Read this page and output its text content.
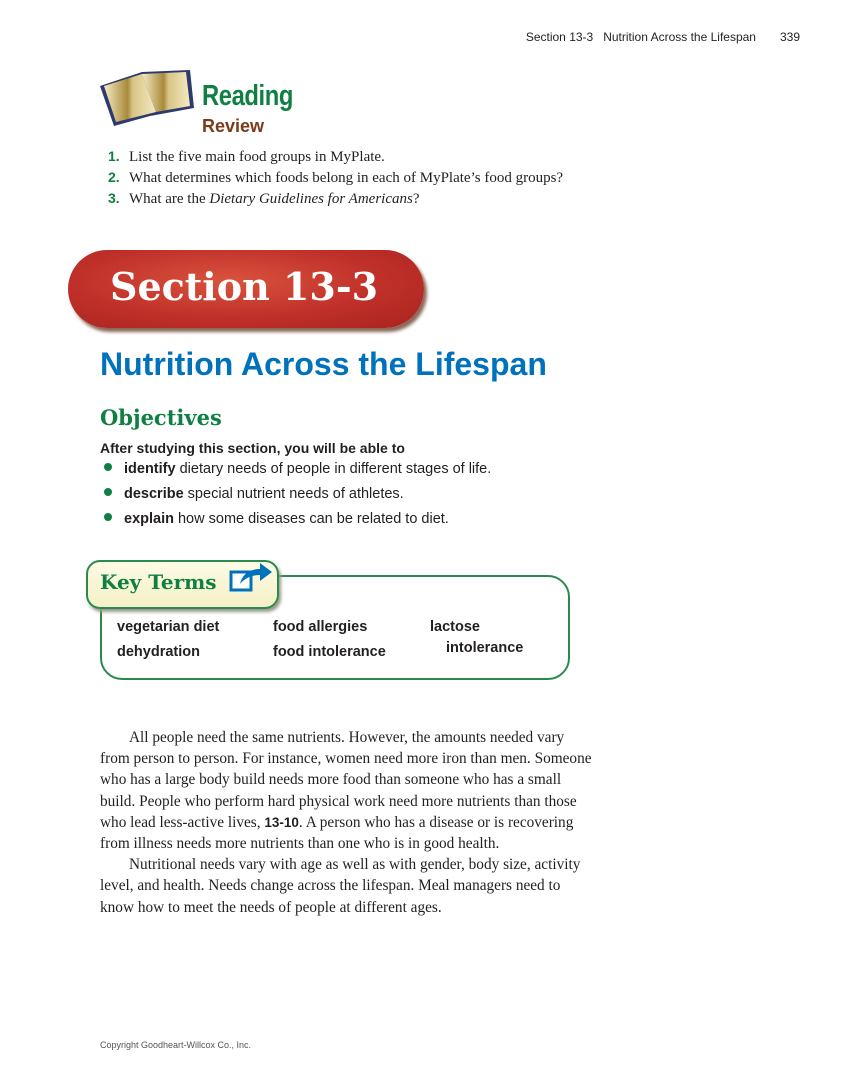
Section 13-3 Nutrition Across the Lifespan 339
Reading
Review
1. List the five main food groups in MyPlate.
2. What determines which foods belong in each of MyPlate’s food groups?
3. What are the Dietary Guidelines for Americans?
Section 13-3
Nutrition Across the Lifespan
Objectives
After studying this section, you will be able to
identify dietary needs of people in different stages of life.
describe special nutrient needs of athletes.
explain how some diseases can be related to diet.
Key Terms
vegetarian diet
dehydration
food allergies
food intolerance
lactose
intolerance

All people need the same nutrients. However, the amounts needed vary from person to person. For instance, women need more iron than men. Someone who has a large body build needs more food than someone who has a small build. People who perform hard physical work need more nutrients than those who lead less-active lives, 13-10. A person who has a disease or is recovering from illness needs more nutrients than one who is in good health.

Nutritional needs vary with age as well as with gender, body size, activity level, and health. Needs change across the lifespan. Meal managers need to know how to meet the needs of people at different ages.

Copyright Goodheart-Willcox Co., Inc.
